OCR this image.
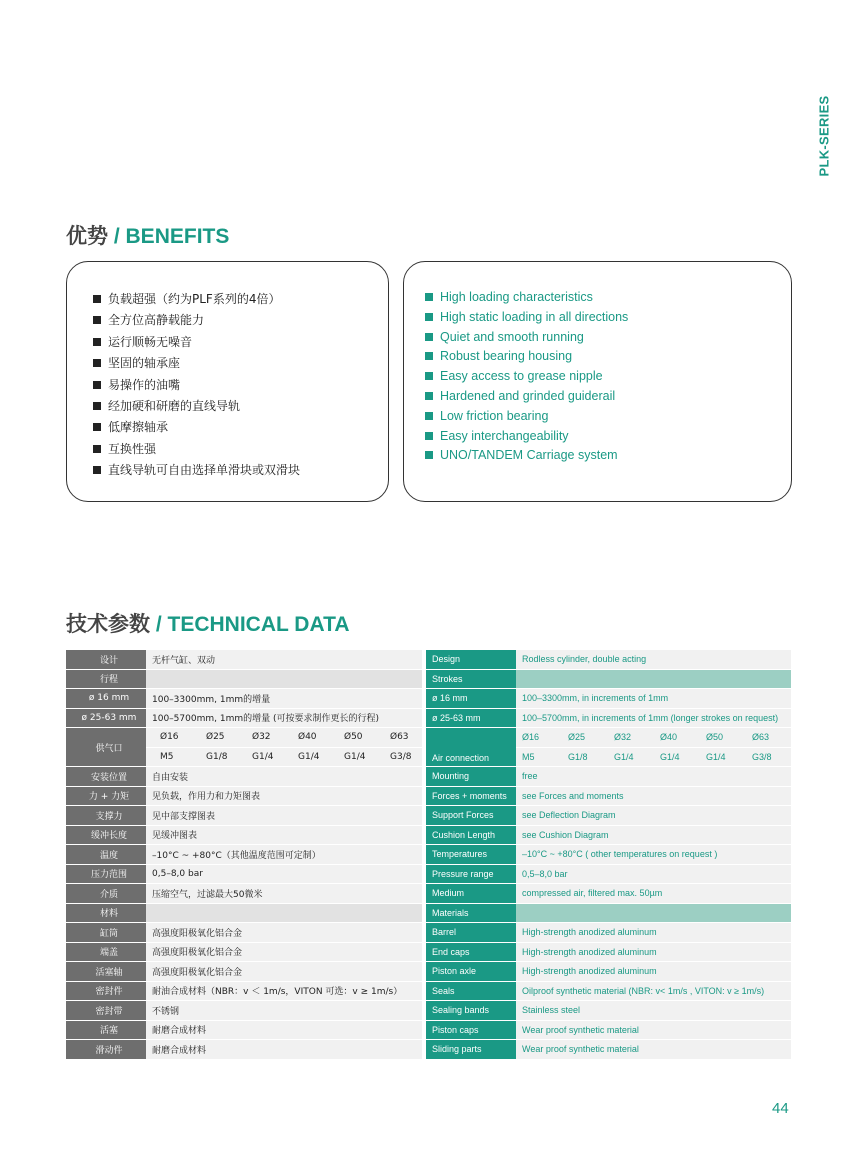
PLK-SERIES
优势 / BENEFITS
负载超强（约为PLF系列的4倍）
全方位高静载能力
运行顺畅无噪音
坚固的轴承座
易操作的油嘴
经加硬和研磨的直线导轨
低摩擦轴承
互换性强
直线导轨可自由选择单滑块或双滑块
High loading characteristics
High static loading in all directions
Quiet and smooth running
Robust bearing housing
Easy access to grease nipple
Hardened and grinded guiderail
Low friction bearing
Easy interchangeability
UNO/TANDEM Carriage system
技术参数 / TECHNICAL DATA
设计	无杆气缸、双动							Design	Rodless cylinder, double acting					
行程								Strokes						
ø 16 mm	100–3300mm, 1mm的增量							ø 16 mm	100–3300mm, in increments of 1mm					
ø 25-63 mm	100–5700mm, 1mm的增量 (可按要求制作更长的行程)							ø 25-63 mm	100–5700mm, in increments of 1mm (longer strokes on request)					
供气口	Ø16	Ø25	Ø32	Ø40	Ø50	Ø63		Air connection	Ø16	Ø25	Ø32	Ø40	Ø50	Ø63
	M5	G1/8	G1/4	G1/4	G1/4	G3/8			M5	G1/8	G1/4	G1/4	G1/4	G3/8
安装位置	自由安装							Mounting	free					
力 + 力矩	见负载，作用力和力矩图表							Forces + moments	see Forces and moments					
支撑力	见中部支撑图表							Support Forces	see Deflection Diagram					
缓冲长度	见缓冲图表							Cushion Length	see Cushion Diagram					
温度	–10°C ~ +80°C（其他温度范围可定制）							Temperatures	–10°C ~ +80°C ( other temperatures on request )					
压力范围	0,5–8,0 bar							Pressure range	0,5–8,0 bar					
介质	压缩空气，过滤最大50微米							Medium	compressed air, filtered max. 50µm					
材料								Materials						
缸筒	高强度阳极氧化铝合金							Barrel	High-strength anodized aluminum					
端盖	高强度阳极氧化铝合金							End caps	High-strength anodized aluminum					
活塞轴	高强度阳极氧化铝合金							Piston axle	High-strength anodized aluminum					
密封件	耐油合成材料（NBR：v ＜ 1m/s，VITON 可选：v ≥ 1m/s）							Seals	Oilproof synthetic material (NBR: v< 1m/s , VITON: v ≥ 1m/s)					
密封带	不锈钢							Sealing bands	Stainless steel					
活塞	耐磨合成材料							Piston caps	Wear proof synthetic material					
滑动件	耐磨合成材料							Sliding parts	Wear proof synthetic material					
44
